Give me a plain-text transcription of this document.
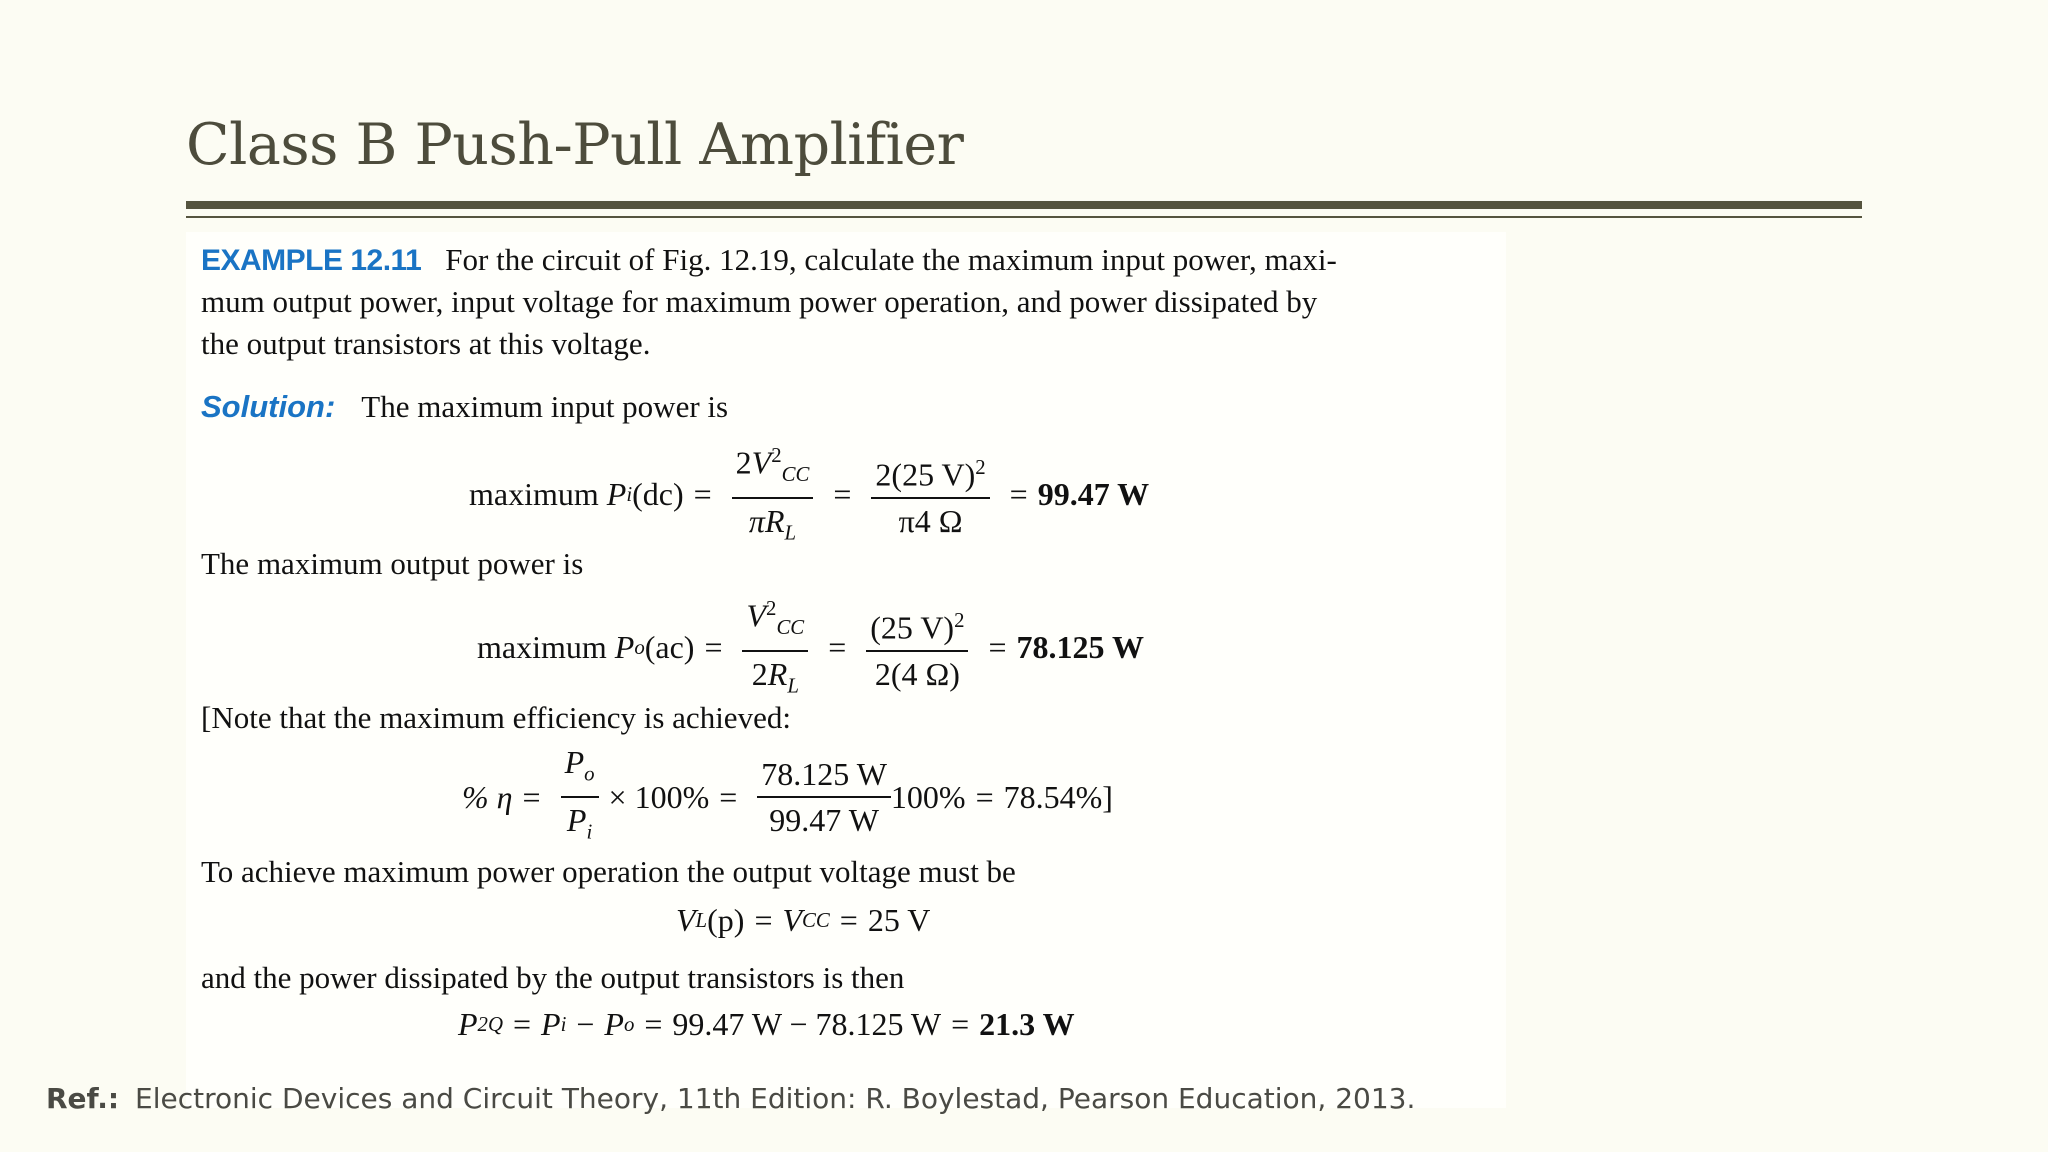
Class B Push-Pull Amplifier
EXAMPLE 12.11 For the circuit of Fig. 12.19, calculate the maximum input power, maxi-
mum output power, input voltage for maximum power operation, and power dissipated by
the output transistors at this voltage.
Solution: The maximum input power is
maximum
P i $(dc) = \frac{2V^2_{CC}}{\pi R_L} = \frac{2(25 V)^2}{\pi 4 \Omega} = 99.47$ W
The maximum output power is
maximum
P o $(ac) = \frac{V^2_{CC}}{2R_L} = \frac{(25 V)^2}{2(4 \Omega)} = 78.125$ W
[Note that the maximum efficiency is achieved:
% $\eta = \frac{P_o}{P_i} \times 100\% = \frac{78.125 W}{99.47 W} 100\% = 78.54\%$]
To achieve maximum power operation the output voltage must be
V L (p) = V CC = 25 V
and the power dissipated by the output transistors is then
P 2Q = P i − P o = 99.47 W − 78.125 W = 21.3 W
Ref.: Electronic Devices and Circuit Theory, 11th Edition: R. Boylestad, Pearson Education, 2013.
